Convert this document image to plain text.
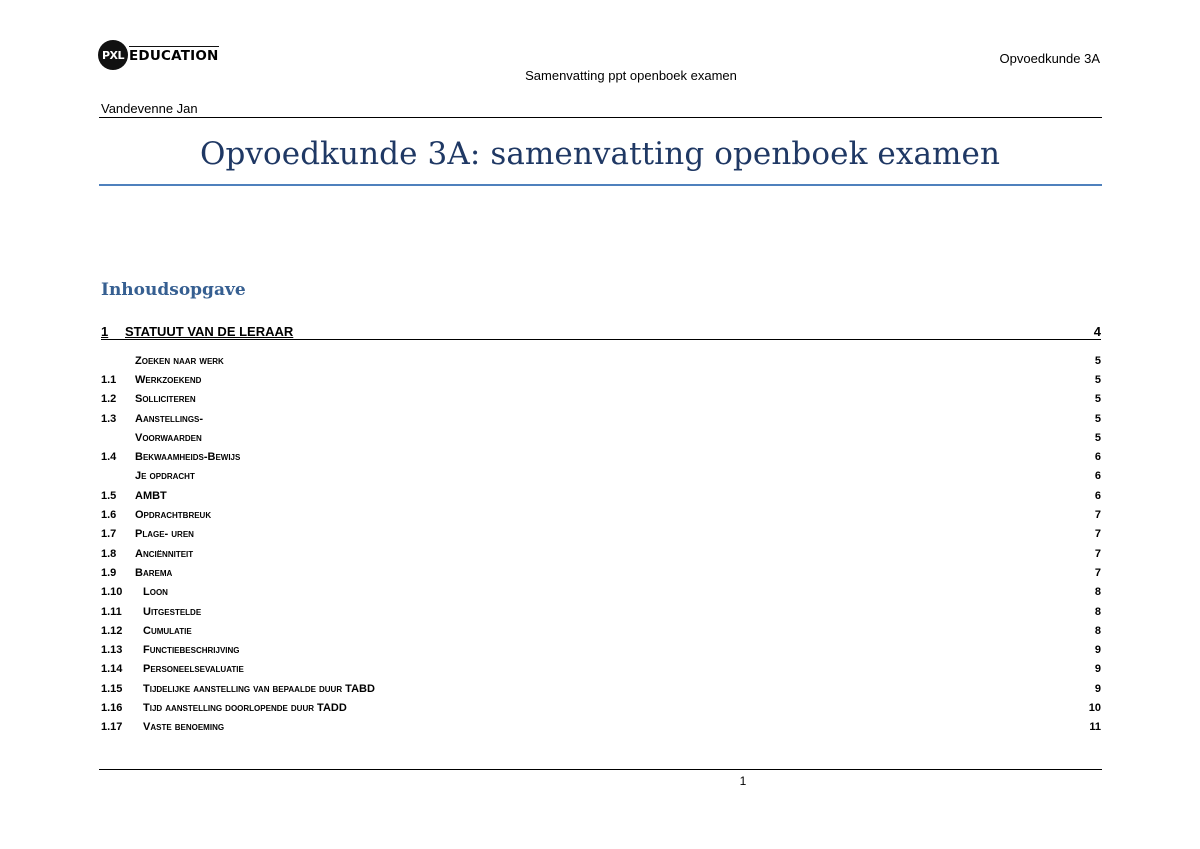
PXL EDUCATION	Opvoedkunde 3A
Samenvatting ppt openboek examen
Vandevenne Jan
Opvoedkunde 3A: samenvatting openboek examen
Inhoudsopgave
1	STATUUT VAN DE LERAAR	4
Zoeken naar werk	5
1.1	Werkzoekend	5
1.2	Solliciteren	5
1.3	Aanstellings-	5
Voorwaarden	5
1.4	Bekwaamheids-Bewijs	6
Je opdracht	6
1.5	AMBT	6
1.6	Opdrachtbreuk	7
1.7	Plage- uren	7
1.8	Anciënniteit	7
1.9	Barema	7
1.10	Loon	8
1.11	Uitgestelde	8
1.12	Cumulatie	8
1.13	Functiebeschrijving	9
1.14	Personeelsevaluatie	9
1.15	Tijdelijke aanstelling van bepaalde duur TABD	9
1.16	Tijd aanstelling doorlopende duur TADD	10
1.17	Vaste benoeming	11
1
